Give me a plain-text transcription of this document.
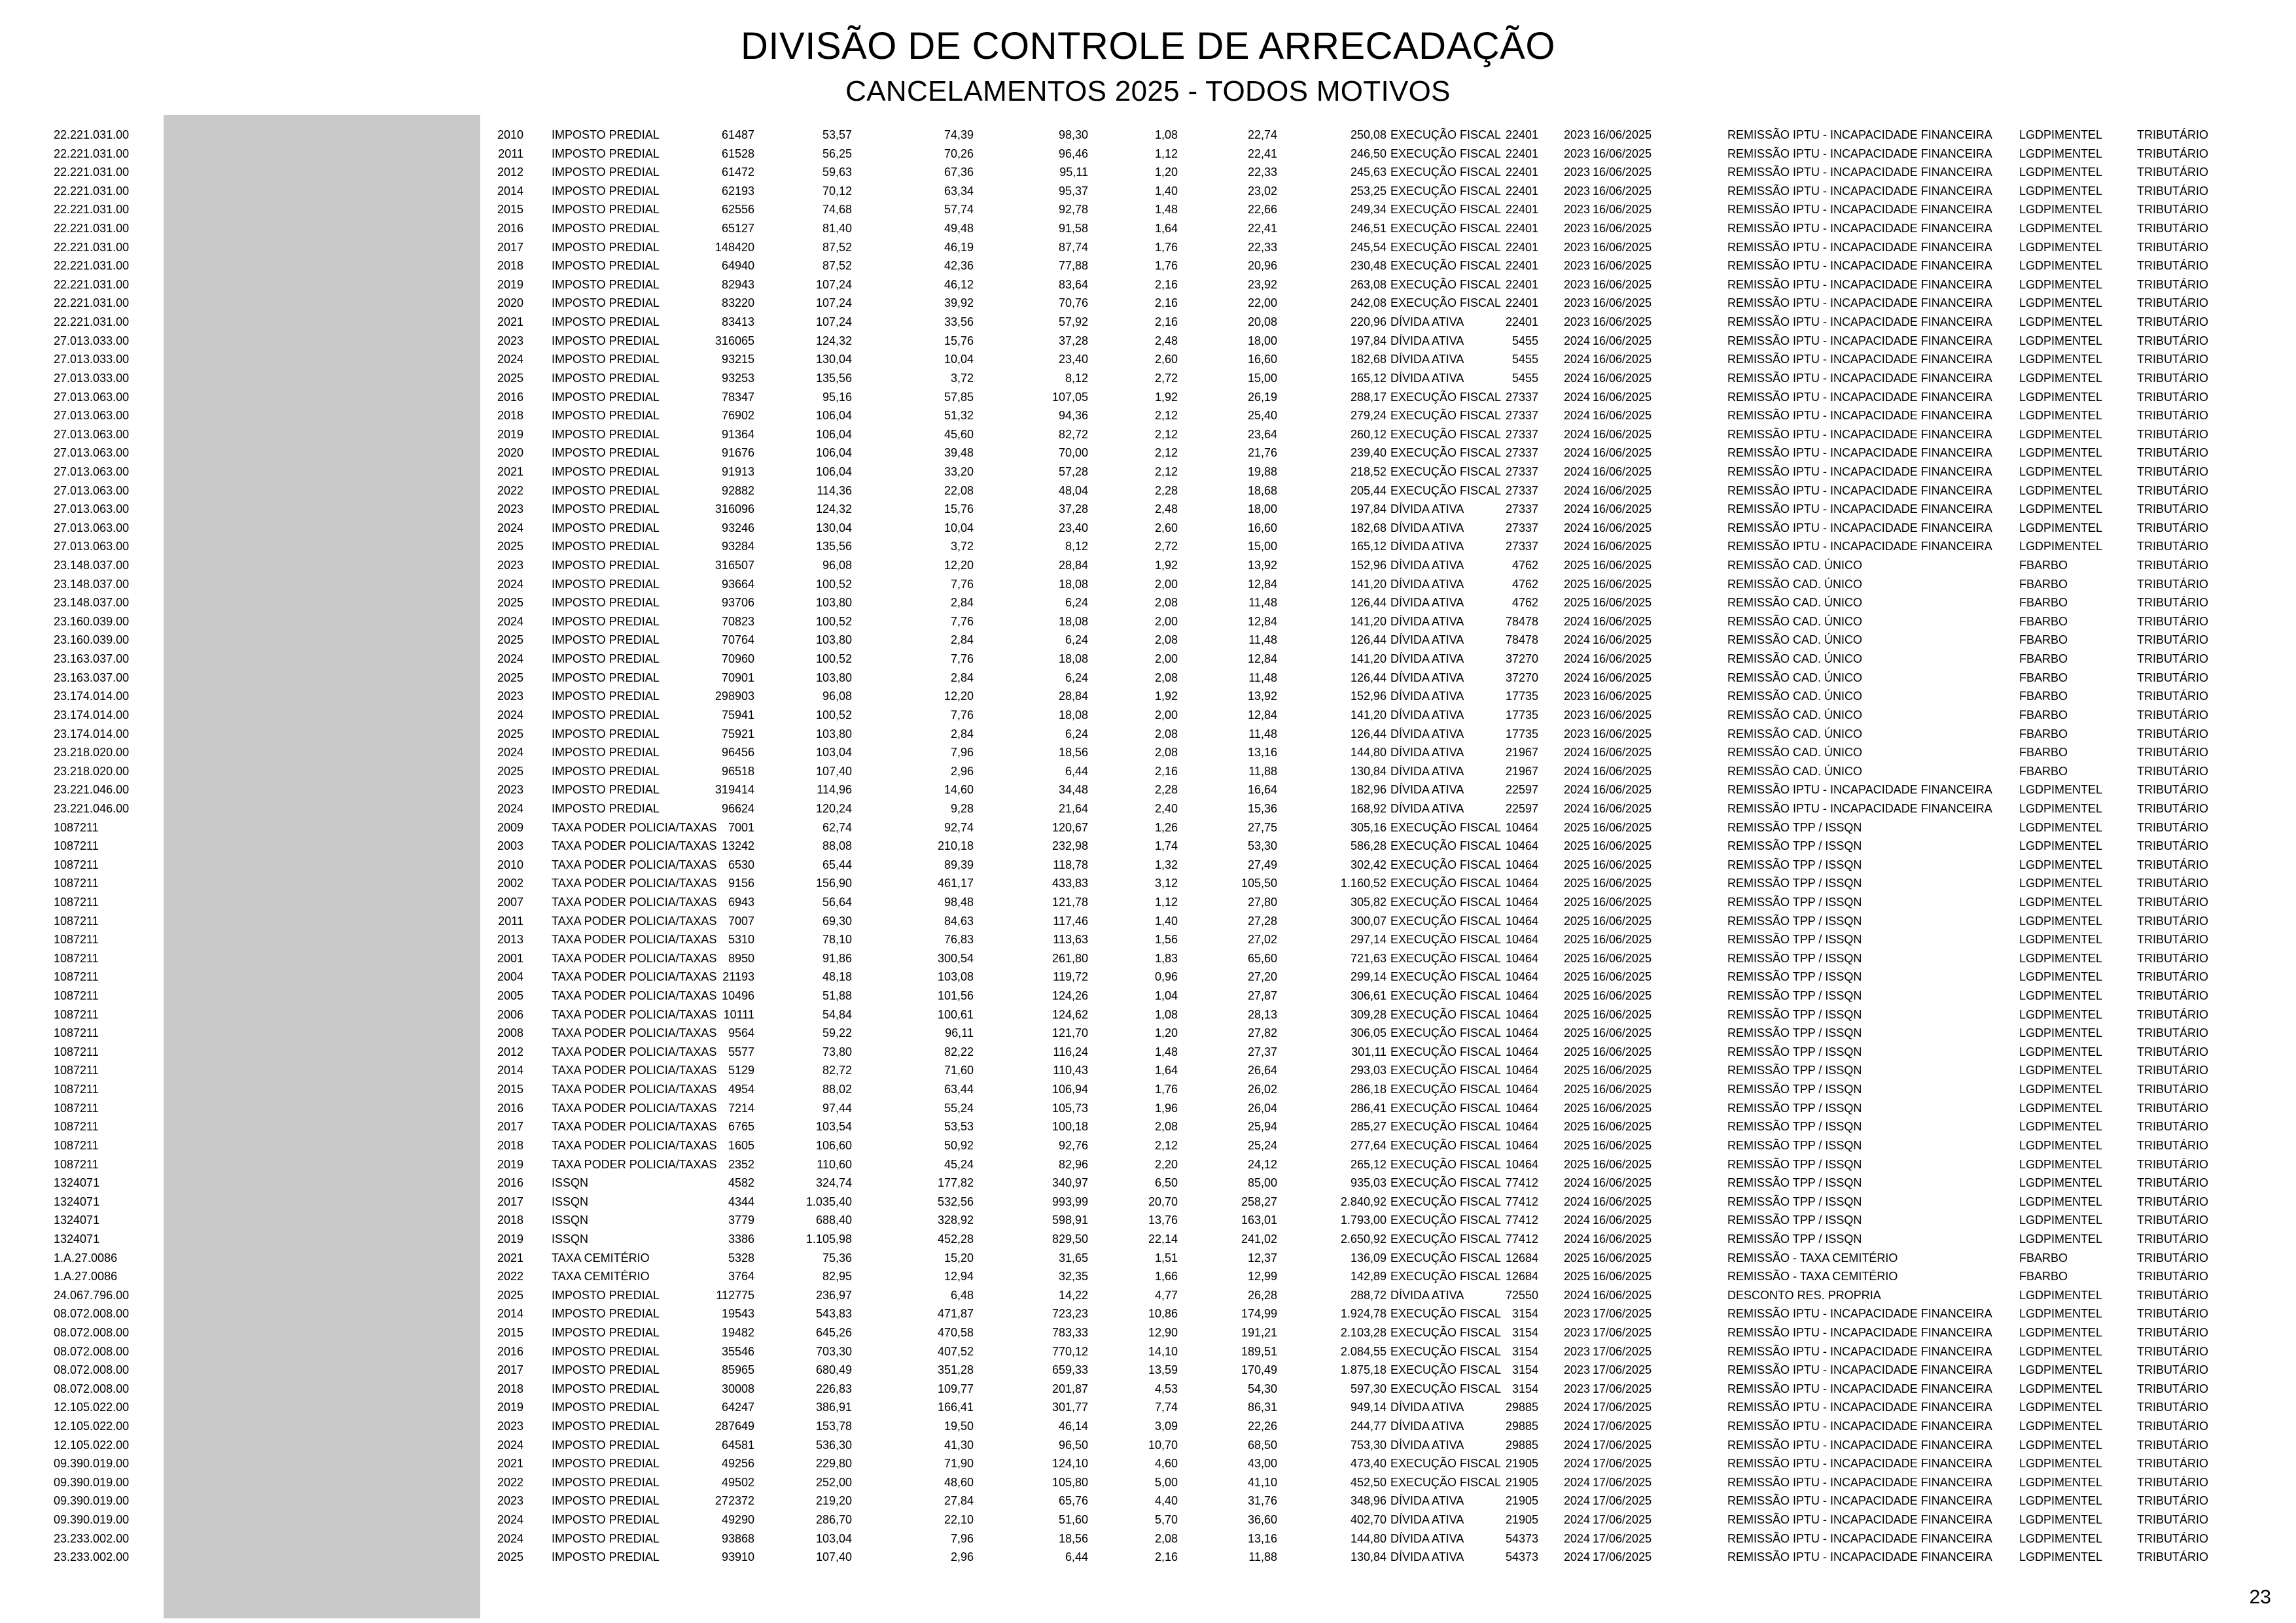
DIVISÃO DE CONTROLE DE ARRECADAÇÃO
CANCELAMENTOS 2025 - TODOS MOTIVOS
22.221.031.00	2010 IMPOSTO PREDIAL	61487	53,57	74,39	98,30	1,08	22,74	250,08 EXECUÇÃO FISCAL 22401 2023 16/06/2025	REMISSÃO IPTU - INCAPACIDADE FINANCEIRA LGDPIMENTEL	TRIBUTÁRIO
22.221.031.00	2011 IMPOSTO PREDIAL	61528	56,25	70,26	96,46	1,12	22,41	246,50 EXECUÇÃO FISCAL 22401 2023 16/06/2025	REMISSÃO IPTU - INCAPACIDADE FINANCEIRA LGDPIMENTEL	TRIBUTÁRIO
22.221.031.00	2012 IMPOSTO PREDIAL	61472	59,63	67,36	95,11	1,20	22,33	245,63 EXECUÇÃO FISCAL 22401 2023 16/06/2025	REMISSÃO IPTU - INCAPACIDADE FINANCEIRA LGDPIMENTEL	TRIBUTÁRIO
22.221.031.00	2014 IMPOSTO PREDIAL	62193	70,12	63,34	95,37	1,40	23,02	253,25 EXECUÇÃO FISCAL 22401 2023 16/06/2025	REMISSÃO IPTU - INCAPACIDADE FINANCEIRA LGDPIMENTEL	TRIBUTÁRIO
22.221.031.00	2015 IMPOSTO PREDIAL	62556	74,68	57,74	92,78	1,48	22,66	249,34 EXECUÇÃO FISCAL 22401 2023 16/06/2025	REMISSÃO IPTU - INCAPACIDADE FINANCEIRA LGDPIMENTEL	TRIBUTÁRIO
22.221.031.00	2016 IMPOSTO PREDIAL	65127	81,40	49,48	91,58	1,64	22,41	246,51 EXECUÇÃO FISCAL 22401 2023 16/06/2025	REMISSÃO IPTU - INCAPACIDADE FINANCEIRA LGDPIMENTEL	TRIBUTÁRIO
22.221.031.00	2017 IMPOSTO PREDIAL	148420	87,52	46,19	87,74	1,76	22,33	245,54 EXECUÇÃO FISCAL 22401 2023 16/06/2025	REMISSÃO IPTU - INCAPACIDADE FINANCEIRA LGDPIMENTEL	TRIBUTÁRIO
22.221.031.00	2018 IMPOSTO PREDIAL	64940	87,52	42,36	77,88	1,76	20,96	230,48 EXECUÇÃO FISCAL 22401 2023 16/06/2025	REMISSÃO IPTU - INCAPACIDADE FINANCEIRA LGDPIMENTEL	TRIBUTÁRIO
22.221.031.00	2019 IMPOSTO PREDIAL	82943	107,24	46,12	83,64	2,16	23,92	263,08 EXECUÇÃO FISCAL 22401 2023 16/06/2025	REMISSÃO IPTU - INCAPACIDADE FINANCEIRA LGDPIMENTEL	TRIBUTÁRIO
22.221.031.00	2020 IMPOSTO PREDIAL	83220	107,24	39,92	70,76	2,16	22,00	242,08 EXECUÇÃO FISCAL 22401 2023 16/06/2025	REMISSÃO IPTU - INCAPACIDADE FINANCEIRA LGDPIMENTEL	TRIBUTÁRIO
22.221.031.00	2021 IMPOSTO PREDIAL	83413	107,24	33,56	57,92	2,16	20,08	220,96 DÍVIDA ATIVA	22401 2023 16/06/2025	REMISSÃO IPTU - INCAPACIDADE FINANCEIRA LGDPIMENTEL	TRIBUTÁRIO
27.013.033.00	2023 IMPOSTO PREDIAL	316065	124,32	15,76	37,28	2,48	18,00	197,84 DÍVIDA ATIVA	5455 2024 16/06/2025	REMISSÃO IPTU - INCAPACIDADE FINANCEIRA LGDPIMENTEL	TRIBUTÁRIO
27.013.033.00	2024 IMPOSTO PREDIAL	93215	130,04	10,04	23,40	2,60	16,60	182,68 DÍVIDA ATIVA	5455 2024 16/06/2025	REMISSÃO IPTU - INCAPACIDADE FINANCEIRA LGDPIMENTEL	TRIBUTÁRIO
27.013.033.00	2025 IMPOSTO PREDIAL	93253	135,56	3,72	8,12	2,72	15,00	165,12 DÍVIDA ATIVA	5455 2024 16/06/2025	REMISSÃO IPTU - INCAPACIDADE FINANCEIRA LGDPIMENTEL	TRIBUTÁRIO
27.013.063.00	2016 IMPOSTO PREDIAL	78347	95,16	57,85	107,05	1,92	26,19	288,17 EXECUÇÃO FISCAL 27337 2024 16/06/2025	REMISSÃO IPTU - INCAPACIDADE FINANCEIRA LGDPIMENTEL	TRIBUTÁRIO
27.013.063.00	2018 IMPOSTO PREDIAL	76902	106,04	51,32	94,36	2,12	25,40	279,24 EXECUÇÃO FISCAL 27337 2024 16/06/2025	REMISSÃO IPTU - INCAPACIDADE FINANCEIRA LGDPIMENTEL	TRIBUTÁRIO
27.013.063.00	2019 IMPOSTO PREDIAL	91364	106,04	45,60	82,72	2,12	23,64	260,12 EXECUÇÃO FISCAL 27337 2024 16/06/2025	REMISSÃO IPTU - INCAPACIDADE FINANCEIRA LGDPIMENTEL	TRIBUTÁRIO
27.013.063.00	2020 IMPOSTO PREDIAL	91676	106,04	39,48	70,00	2,12	21,76	239,40 EXECUÇÃO FISCAL 27337 2024 16/06/2025	REMISSÃO IPTU - INCAPACIDADE FINANCEIRA LGDPIMENTEL	TRIBUTÁRIO
27.013.063.00	2021 IMPOSTO PREDIAL	91913	106,04	33,20	57,28	2,12	19,88	218,52 EXECUÇÃO FISCAL 27337 2024 16/06/2025	REMISSÃO IPTU - INCAPACIDADE FINANCEIRA LGDPIMENTEL	TRIBUTÁRIO
27.013.063.00	2022 IMPOSTO PREDIAL	92882	114,36	22,08	48,04	2,28	18,68	205,44 EXECUÇÃO FISCAL 27337 2024 16/06/2025	REMISSÃO IPTU - INCAPACIDADE FINANCEIRA LGDPIMENTEL	TRIBUTÁRIO
27.013.063.00	2023 IMPOSTO PREDIAL	316096	124,32	15,76	37,28	2,48	18,00	197,84 DÍVIDA ATIVA	27337 2024 16/06/2025	REMISSÃO IPTU - INCAPACIDADE FINANCEIRA LGDPIMENTEL	TRIBUTÁRIO
27.013.063.00	2024 IMPOSTO PREDIAL	93246	130,04	10,04	23,40	2,60	16,60	182,68 DÍVIDA ATIVA	27337 2024 16/06/2025	REMISSÃO IPTU - INCAPACIDADE FINANCEIRA LGDPIMENTEL	TRIBUTÁRIO
27.013.063.00	2025 IMPOSTO PREDIAL	93284	135,56	3,72	8,12	2,72	15,00	165,12 DÍVIDA ATIVA	27337 2024 16/06/2025	REMISSÃO IPTU - INCAPACIDADE FINANCEIRA LGDPIMENTEL	TRIBUTÁRIO
23.148.037.00	2023 IMPOSTO PREDIAL	316507	96,08	12,20	28,84	1,92	13,92	152,96 DÍVIDA ATIVA	4762 2025 16/06/2025	REMISSÃO CAD. ÚNICO	FBARBO	TRIBUTÁRIO
23.148.037.00	2024 IMPOSTO PREDIAL	93664	100,52	7,76	18,08	2,00	12,84	141,20 DÍVIDA ATIVA	4762 2025 16/06/2025	REMISSÃO CAD. ÚNICO	FBARBO	TRIBUTÁRIO
23.148.037.00	2025 IMPOSTO PREDIAL	93706	103,80	2,84	6,24	2,08	11,48	126,44 DÍVIDA ATIVA	4762 2025 16/06/2025	REMISSÃO CAD. ÚNICO	FBARBO	TRIBUTÁRIO
23.160.039.00	2024 IMPOSTO PREDIAL	70823	100,52	7,76	18,08	2,00	12,84	141,20 DÍVIDA ATIVA	78478 2024 16/06/2025	REMISSÃO CAD. ÚNICO	FBARBO	TRIBUTÁRIO
23.160.039.00	2025 IMPOSTO PREDIAL	70764	103,80	2,84	6,24	2,08	11,48	126,44 DÍVIDA ATIVA	78478 2024 16/06/2025	REMISSÃO CAD. ÚNICO	FBARBO	TRIBUTÁRIO
23.163.037.00	2024 IMPOSTO PREDIAL	70960	100,52	7,76	18,08	2,00	12,84	141,20 DÍVIDA ATIVA	37270 2024 16/06/2025	REMISSÃO CAD. ÚNICO	FBARBO	TRIBUTÁRIO
23.163.037.00	2025 IMPOSTO PREDIAL	70901	103,80	2,84	6,24	2,08	11,48	126,44 DÍVIDA ATIVA	37270 2024 16/06/2025	REMISSÃO CAD. ÚNICO	FBARBO	TRIBUTÁRIO
23.174.014.00	2023 IMPOSTO PREDIAL	298903	96,08	12,20	28,84	1,92	13,92	152,96 DÍVIDA ATIVA	17735 2023 16/06/2025	REMISSÃO CAD. ÚNICO	FBARBO	TRIBUTÁRIO
23.174.014.00	2024 IMPOSTO PREDIAL	75941	100,52	7,76	18,08	2,00	12,84	141,20 DÍVIDA ATIVA	17735 2023 16/06/2025	REMISSÃO CAD. ÚNICO	FBARBO	TRIBUTÁRIO
23.174.014.00	2025 IMPOSTO PREDIAL	75921	103,80	2,84	6,24	2,08	11,48	126,44 DÍVIDA ATIVA	17735 2023 16/06/2025	REMISSÃO CAD. ÚNICO	FBARBO	TRIBUTÁRIO
23.218.020.00	2024 IMPOSTO PREDIAL	96456	103,04	7,96	18,56	2,08	13,16	144,80 DÍVIDA ATIVA	21967 2024 16/06/2025	REMISSÃO CAD. ÚNICO	FBARBO	TRIBUTÁRIO
23.218.020.00	2025 IMPOSTO PREDIAL	96518	107,40	2,96	6,44	2,16	11,88	130,84 DÍVIDA ATIVA	21967 2024 16/06/2025	REMISSÃO CAD. ÚNICO	FBARBO	TRIBUTÁRIO
23.221.046.00	2023 IMPOSTO PREDIAL	319414	114,96	14,60	34,48	2,28	16,64	182,96 DÍVIDA ATIVA	22597 2024 16/06/2025	REMISSÃO IPTU - INCAPACIDADE FINANCEIRA LGDPIMENTEL	TRIBUTÁRIO
23.221.046.00	2024 IMPOSTO PREDIAL	96624	120,24	9,28	21,64	2,40	15,36	168,92 DÍVIDA ATIVA	22597 2024 16/06/2025	REMISSÃO IPTU - INCAPACIDADE FINANCEIRA LGDPIMENTEL	TRIBUTÁRIO
1087211	2009 TAXA PODER POLICIA/TAXAS 7001	62,74	92,74	120,67	1,26	27,75	305,16 EXECUÇÃO FISCAL 10464 2025 16/06/2025	REMISSÃO TPP / ISSQN	LGDPIMENTEL	TRIBUTÁRIO
1087211	2003 TAXA PODER POLICIA/TAXAS 13242	88,08	210,18	232,98	1,74	53,30	586,28 EXECUÇÃO FISCAL 10464 2025 16/06/2025	REMISSÃO TPP / ISSQN	LGDPIMENTEL	TRIBUTÁRIO
1087211	2010 TAXA PODER POLICIA/TAXAS 6530	65,44	89,39	118,78	1,32	27,49	302,42 EXECUÇÃO FISCAL 10464 2025 16/06/2025	REMISSÃO TPP / ISSQN	LGDPIMENTEL	TRIBUTÁRIO
1087211	2002 TAXA PODER POLICIA/TAXAS 9156	156,90	461,17	433,83	3,12	105,50	1.160,52 EXECUÇÃO FISCAL 10464 2025 16/06/2025	REMISSÃO TPP / ISSQN	LGDPIMENTEL	TRIBUTÁRIO
1087211	2007 TAXA PODER POLICIA/TAXAS 6943	56,64	98,48	121,78	1,12	27,80	305,82 EXECUÇÃO FISCAL 10464 2025 16/06/2025	REMISSÃO TPP / ISSQN	LGDPIMENTEL	TRIBUTÁRIO
1087211	2011 TAXA PODER POLICIA/TAXAS 7007	69,30	84,63	117,46	1,40	27,28	300,07 EXECUÇÃO FISCAL 10464 2025 16/06/2025	REMISSÃO TPP / ISSQN	LGDPIMENTEL	TRIBUTÁRIO
1087211	2013 TAXA PODER POLICIA/TAXAS 5310	78,10	76,83	113,63	1,56	27,02	297,14 EXECUÇÃO FISCAL 10464 2025 16/06/2025	REMISSÃO TPP / ISSQN	LGDPIMENTEL	TRIBUTÁRIO
1087211	2001 TAXA PODER POLICIA/TAXAS 8950	91,86	300,54	261,80	1,83	65,60	721,63 EXECUÇÃO FISCAL 10464 2025 16/06/2025	REMISSÃO TPP / ISSQN	LGDPIMENTEL	TRIBUTÁRIO
1087211	2004 TAXA PODER POLICIA/TAXAS 21193	48,18	103,08	119,72	0,96	27,20	299,14 EXECUÇÃO FISCAL 10464 2025 16/06/2025	REMISSÃO TPP / ISSQN	LGDPIMENTEL	TRIBUTÁRIO
1087211	2005 TAXA PODER POLICIA/TAXAS 10496	51,88	101,56	124,26	1,04	27,87	306,61 EXECUÇÃO FISCAL 10464 2025 16/06/2025	REMISSÃO TPP / ISSQN	LGDPIMENTEL	TRIBUTÁRIO
1087211	2006 TAXA PODER POLICIA/TAXAS 10111	54,84	100,61	124,62	1,08	28,13	309,28 EXECUÇÃO FISCAL 10464 2025 16/06/2025	REMISSÃO TPP / ISSQN	LGDPIMENTEL	TRIBUTÁRIO
1087211	2008 TAXA PODER POLICIA/TAXAS 9564	59,22	96,11	121,70	1,20	27,82	306,05 EXECUÇÃO FISCAL 10464 2025 16/06/2025	REMISSÃO TPP / ISSQN	LGDPIMENTEL	TRIBUTÁRIO
1087211	2012 TAXA PODER POLICIA/TAXAS 5577	73,80	82,22	116,24	1,48	27,37	301,11 EXECUÇÃO FISCAL 10464 2025 16/06/2025	REMISSÃO TPP / ISSQN	LGDPIMENTEL	TRIBUTÁRIO
1087211	2014 TAXA PODER POLICIA/TAXAS 5129	82,72	71,60	110,43	1,64	26,64	293,03 EXECUÇÃO FISCAL 10464 2025 16/06/2025	REMISSÃO TPP / ISSQN	LGDPIMENTEL	TRIBUTÁRIO
1087211	2015 TAXA PODER POLICIA/TAXAS 4954	88,02	63,44	106,94	1,76	26,02	286,18 EXECUÇÃO FISCAL 10464 2025 16/06/2025	REMISSÃO TPP / ISSQN	LGDPIMENTEL	TRIBUTÁRIO
1087211	2016 TAXA PODER POLICIA/TAXAS 7214	97,44	55,24	105,73	1,96	26,04	286,41 EXECUÇÃO FISCAL 10464 2025 16/06/2025	REMISSÃO TPP / ISSQN	LGDPIMENTEL	TRIBUTÁRIO
1087211	2017 TAXA PODER POLICIA/TAXAS 6765	103,54	53,53	100,18	2,08	25,94	285,27 EXECUÇÃO FISCAL 10464 2025 16/06/2025	REMISSÃO TPP / ISSQN	LGDPIMENTEL	TRIBUTÁRIO
1087211	2018 TAXA PODER POLICIA/TAXAS 1605	106,60	50,92	92,76	2,12	25,24	277,64 EXECUÇÃO FISCAL 10464 2025 16/06/2025	REMISSÃO TPP / ISSQN	LGDPIMENTEL	TRIBUTÁRIO
1087211	2019 TAXA PODER POLICIA/TAXAS 2352	110,60	45,24	82,96	2,20	24,12	265,12 EXECUÇÃO FISCAL 10464 2025 16/06/2025	REMISSÃO TPP / ISSQN	LGDPIMENTEL	TRIBUTÁRIO
1324071	2016 ISSQN	4582	324,74	177,82	340,97	6,50	85,00	935,03 EXECUÇÃO FISCAL 77412 2024 16/06/2025	REMISSÃO TPP / ISSQN	LGDPIMENTEL	TRIBUTÁRIO
1324071	2017 ISSQN	4344	1.035,40	532,56	993,99	20,70	258,27	2.840,92 EXECUÇÃO FISCAL 77412 2024 16/06/2025	REMISSÃO TPP / ISSQN	LGDPIMENTEL	TRIBUTÁRIO
1324071	2018 ISSQN	3779	688,40	328,92	598,91	13,76	163,01	1.793,00 EXECUÇÃO FISCAL 77412 2024 16/06/2025	REMISSÃO TPP / ISSQN	LGDPIMENTEL	TRIBUTÁRIO
1324071	2019 ISSQN	3386	1.105,98	452,28	829,50	22,14	241,02	2.650,92 EXECUÇÃO FISCAL 77412 2024 16/06/2025	REMISSÃO TPP / ISSQN	LGDPIMENTEL	TRIBUTÁRIO
1.A.27.0086	2021 TAXA CEMITÉRIO	5328	75,36	15,20	31,65	1,51	12,37	136,09 EXECUÇÃO FISCAL 12684 2025 16/06/2025	REMISSÃO - TAXA CEMITÉRIO	FBARBO	TRIBUTÁRIO
1.A.27.0086	2022 TAXA CEMITÉRIO	3764	82,95	12,94	32,35	1,66	12,99	142,89 EXECUÇÃO FISCAL 12684 2025 16/06/2025	REMISSÃO - TAXA CEMITÉRIO	FBARBO	TRIBUTÁRIO
24.067.796.00	2025 IMPOSTO PREDIAL	112775	236,97	6,48	14,22	4,77	26,28	288,72 DÍVIDA ATIVA	72550 2024 16/06/2025	DESCONTO RES. PROPRIA	LGDPIMENTEL	TRIBUTÁRIO
08.072.008.00	2014 IMPOSTO PREDIAL	19543	543,83	471,87	723,23	10,86	174,99	1.924,78 EXECUÇÃO FISCAL 3154 2023 17/06/2025	REMISSÃO IPTU - INCAPACIDADE FINANCEIRA LGDPIMENTEL	TRIBUTÁRIO
08.072.008.00	2015 IMPOSTO PREDIAL	19482	645,26	470,58	783,33	12,90	191,21	2.103,28 EXECUÇÃO FISCAL 3154 2023 17/06/2025	REMISSÃO IPTU - INCAPACIDADE FINANCEIRA LGDPIMENTEL	TRIBUTÁRIO
08.072.008.00	2016 IMPOSTO PREDIAL	35546	703,30	407,52	770,12	14,10	189,51	2.084,55 EXECUÇÃO FISCAL 3154 2023 17/06/2025	REMISSÃO IPTU - INCAPACIDADE FINANCEIRA LGDPIMENTEL	TRIBUTÁRIO
08.072.008.00	2017 IMPOSTO PREDIAL	85965	680,49	351,28	659,33	13,59	170,49	1.875,18 EXECUÇÃO FISCAL 3154 2023 17/06/2025	REMISSÃO IPTU - INCAPACIDADE FINANCEIRA LGDPIMENTEL	TRIBUTÁRIO
08.072.008.00	2018 IMPOSTO PREDIAL	30008	226,83	109,77	201,87	4,53	54,30	597,30 EXECUÇÃO FISCAL 3154 2023 17/06/2025	REMISSÃO IPTU - INCAPACIDADE FINANCEIRA LGDPIMENTEL	TRIBUTÁRIO
12.105.022.00	2019 IMPOSTO PREDIAL	64247	386,91	166,41	301,77	7,74	86,31	949,14 DÍVIDA ATIVA	29885 2024 17/06/2025	REMISSÃO IPTU - INCAPACIDADE FINANCEIRA LGDPIMENTEL	TRIBUTÁRIO
12.105.022.00	2023 IMPOSTO PREDIAL	287649	153,78	19,50	46,14	3,09	22,26	244,77 DÍVIDA ATIVA	29885 2024 17/06/2025	REMISSÃO IPTU - INCAPACIDADE FINANCEIRA LGDPIMENTEL	TRIBUTÁRIO
12.105.022.00	2024 IMPOSTO PREDIAL	64581	536,30	41,30	96,50	10,70	68,50	753,30 DÍVIDA ATIVA	29885 2024 17/06/2025	REMISSÃO IPTU - INCAPACIDADE FINANCEIRA LGDPIMENTEL	TRIBUTÁRIO
09.390.019.00	2021 IMPOSTO PREDIAL	49256	229,80	71,90	124,10	4,60	43,00	473,40 EXECUÇÃO FISCAL 21905 2024 17/06/2025	REMISSÃO IPTU - INCAPACIDADE FINANCEIRA LGDPIMENTEL	TRIBUTÁRIO
09.390.019.00	2022 IMPOSTO PREDIAL	49502	252,00	48,60	105,80	5,00	41,10	452,50 EXECUÇÃO FISCAL 21905 2024 17/06/2025	REMISSÃO IPTU - INCAPACIDADE FINANCEIRA LGDPIMENTEL	TRIBUTÁRIO
09.390.019.00	2023 IMPOSTO PREDIAL	272372	219,20	27,84	65,76	4,40	31,76	348,96 DÍVIDA ATIVA	21905 2024 17/06/2025	REMISSÃO IPTU - INCAPACIDADE FINANCEIRA LGDPIMENTEL	TRIBUTÁRIO
09.390.019.00	2024 IMPOSTO PREDIAL	49290	286,70	22,10	51,60	5,70	36,60	402,70 DÍVIDA ATIVA	21905 2024 17/06/2025	REMISSÃO IPTU - INCAPACIDADE FINANCEIRA LGDPIMENTEL	TRIBUTÁRIO
23.233.002.00	2024 IMPOSTO PREDIAL	93868	103,04	7,96	18,56	2,08	13,16	144,80 DÍVIDA ATIVA	54373 2024 17/06/2025	REMISSÃO IPTU - INCAPACIDADE FINANCEIRA LGDPIMENTEL	TRIBUTÁRIO
23.233.002.00	2025 IMPOSTO PREDIAL	93910	107,40	2,96	6,44	2,16	11,88	130,84 DÍVIDA ATIVA	54373 2024 17/06/2025	REMISSÃO IPTU - INCAPACIDADE FINANCEIRA LGDPIMENTEL	TRIBUTÁRIO
23
